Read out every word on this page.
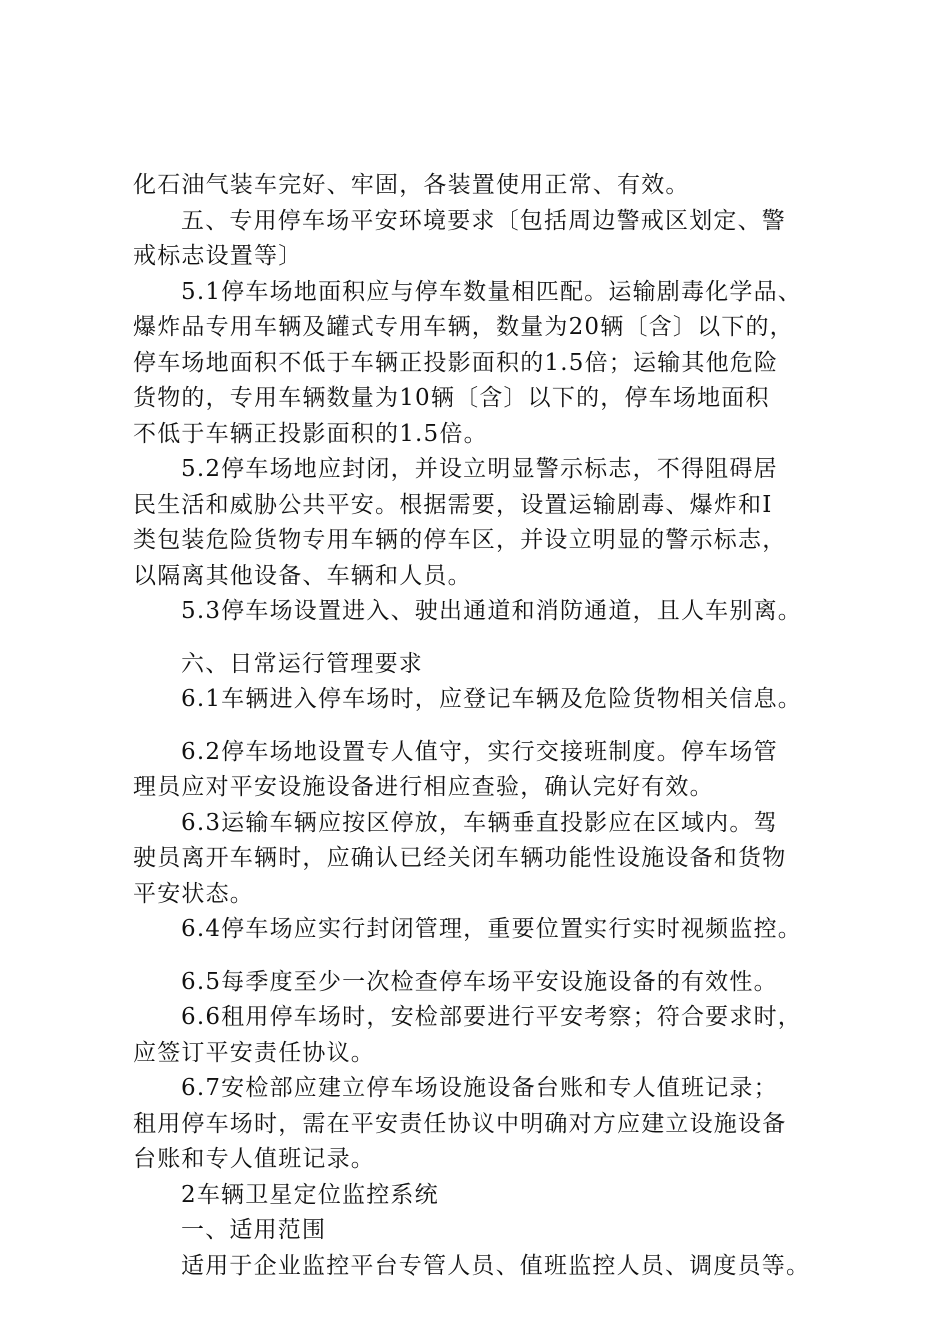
化石油气装车完好、牢固，各装置使用正常、有效。
五、专用停车场平安环境要求〔包括周边警戒区划定、警
戒标志设置等〕
5.1停车场地面积应与停车数量相匹配。运输剧毒化学品、
爆炸品专用车辆及罐式专用车辆，数量为20辆〔含〕以下的，
停车场地面积不低于车辆正投影面积的1.5倍；运输其他危险
货物的，专用车辆数量为10辆〔含〕以下的，停车场地面积
不低于车辆正投影面积的1.5倍。
5.2停车场地应封闭，并设立明显警示标志，不得阻碍居
民生活和威胁公共平安。根据需要，设置运输剧毒、爆炸和Ⅰ
类包装危险货物专用车辆的停车区，并设立明显的警示标志，
以隔离其他设备、车辆和人员。
5.3停车场设置进入、驶出通道和消防通道，且人车别离。
六、日常运行管理要求
6.1车辆进入停车场时，应登记车辆及危险货物相关信息。
6.2停车场地设置专人值守，实行交接班制度。停车场管
理员应对平安设施设备进行相应查验，确认完好有效。
6.3运输车辆应按区停放，车辆垂直投影应在区域内。驾
驶员离开车辆时，应确认已经关闭车辆功能性设施设备和货物
平安状态。
6.4停车场应实行封闭管理，重要位置实行实时视频监控。
6.5每季度至少一次检查停车场平安设施设备的有效性。
6.6租用停车场时，安检部要进行平安考察；符合要求时，
应签订平安责任协议。
6.7安检部应建立停车场设施设备台账和专人值班记录；
租用停车场时，需在平安责任协议中明确对方应建立设施设备
台账和专人值班记录。
2车辆卫星定位监控系统
一、适用范围
适用于企业监控平台专管人员、值班监控人员、调度员等。
